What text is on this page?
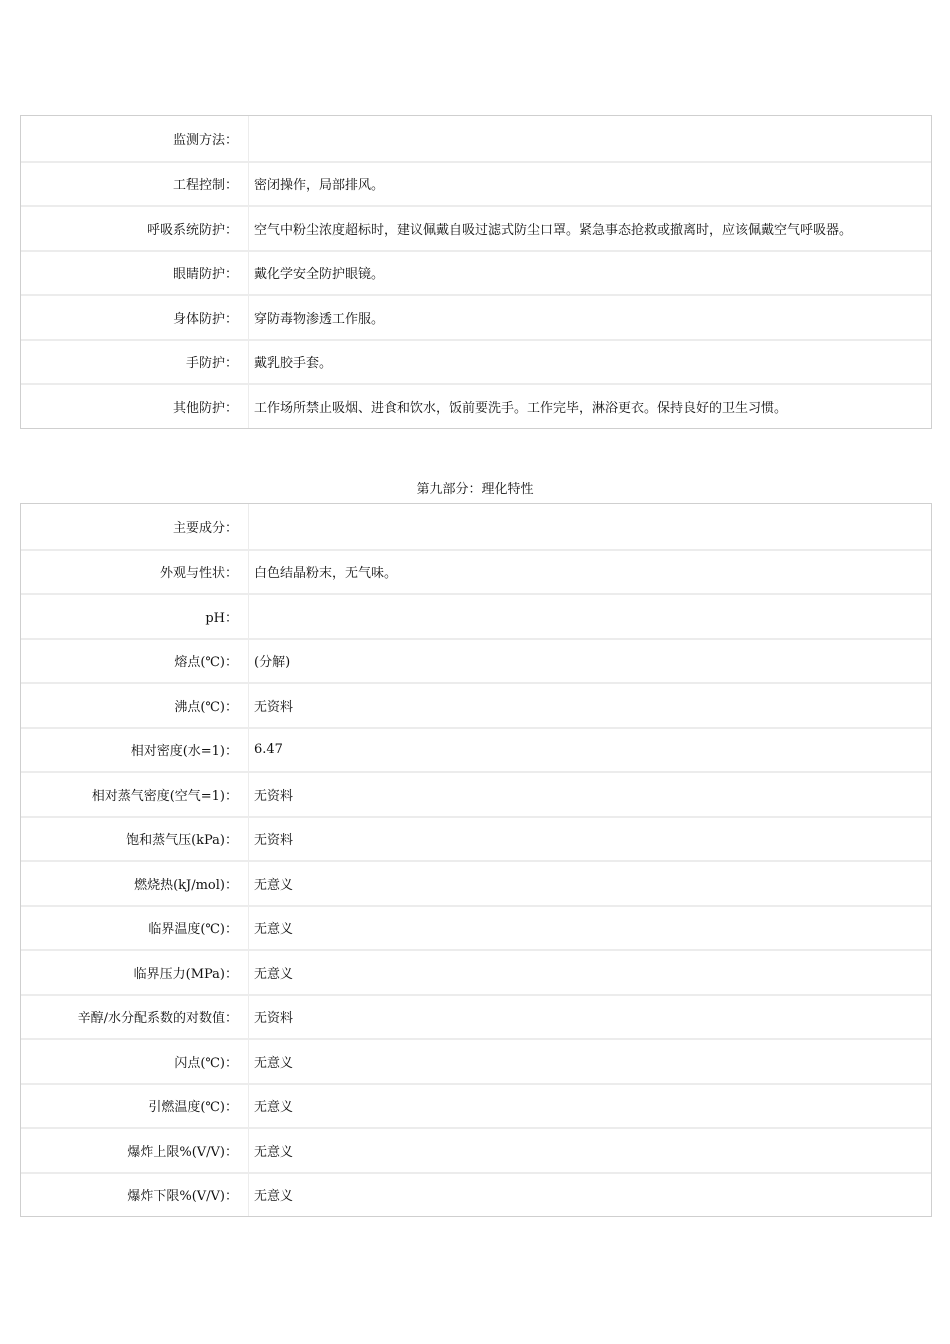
监测方法：
工程控制：	密闭操作，局部排风。
呼吸系统防护：	空气中粉尘浓度超标时，建议佩戴自吸过滤式防尘口罩。紧急事态抢救或撤离时，应该佩戴空气呼吸器。
眼睛防护：	戴化学安全防护眼镜。
身体防护：	穿防毒物渗透工作服。
手防护：	戴乳胶手套。
其他防护：	工作场所禁止吸烟、进食和饮水，饭前要洗手。工作完毕，淋浴更衣。保持良好的卫生习惯。
第九部分：理化特性
主要成分：
外观与性状：	白色结晶粉末，无气味。
pH：
熔点(℃)：	(分解)
沸点(℃)：	无资料
相对密度(水=1)：	6.47
相对蒸气密度(空气=1)：	无资料
饱和蒸气压(kPa)：	无资料
燃烧热(kJ/mol)：	无意义
临界温度(℃)：	无意义
临界压力(MPa)：	无意义
辛醇/水分配系数的对数值：	无资料
闪点(℃)：	无意义
引燃温度(℃)：	无意义
爆炸上限%(V/V)：	无意义
爆炸下限%(V/V)：	无意义
